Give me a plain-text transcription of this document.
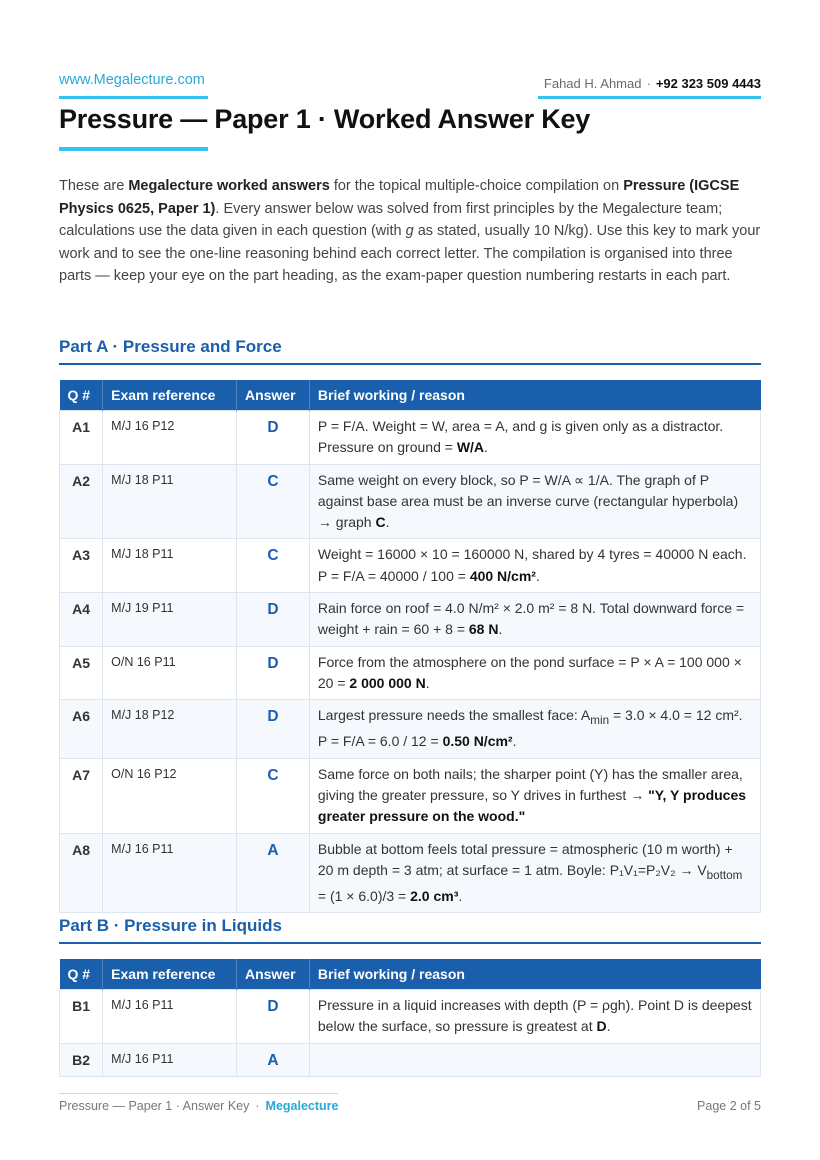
www.Megalecture.com	Fahad H. Ahmad · +92 323 509 4443
Pressure — Paper 1 · Worked Answer Key

These are Megalecture worked answers for the topical multiple-choice compilation on Pressure (IGCSE Physics 0625, Paper 1). Every answer below was solved from first principles by the Megalecture team; calculations use the data given in each question (with g as stated, usually 10 N/kg). Use this key to mark your work and to see the one-line reasoning behind each correct letter. The compilation is organised into three parts — keep your eye on the part heading, as the exam-paper question numbering restarts in each part.

Part A · Pressure and Force
Q #	Exam reference	Answer	Brief working / reason
A1	M/J 16 P12	D	P = F/A. Weight = W, area = A, and g is given only as a distractor. Pressure on ground = W/A.
A2	M/J 18 P11	C	Same weight on every block, so P = W/A ∝ 1/A. The graph of P against base area must be an inverse curve (rectangular hyperbola) → graph C.
A3	M/J 18 P11	C	Weight = 16000 × 10 = 160000 N, shared by 4 tyres = 40000 N each. P = F/A = 40000 / 100 = 400 N/cm².
A4	M/J 19 P11	D	Rain force on roof = 4.0 N/m² × 2.0 m² = 8 N. Total downward force = weight + rain = 60 + 8 = 68 N.
A5	O/N 16 P11	D	Force from the atmosphere on the pond surface = P × A = 100 000 × 20 = 2 000 000 N.
A6	M/J 18 P12	D	Largest pressure needs the smallest face: $A_{min} = 3.0 \times 4.0 = 12$ cm². P = F/A = 6.0 / 12 = 0.50 N/cm².
A7	O/N 16 P12	C	Same force on both nails; the sharper point (Y) has the smaller area, giving the greater pressure, so Y drives in furthest → "Y, Y produces greater pressure on the wood."
A8	M/J 16 P11	A	Bubble at bottom feels total pressure = atmospheric (10 m worth) + 20 m depth = 3 atm; at surface = 1 atm. Boyle: $P_1V_1=P_2V_2 \to V_{bottom} = (1 \times 6.0)/3 = 2.0$ cm³.
Part B · Pressure in Liquids
Q #	Exam reference	Answer	Brief working / reason
B1	M/J 16 P11	D	Pressure in a liquid increases with depth (P = ρgh). Point D is deepest below the surface, so pressure is greatest at D.
B2	M/J 16 P11	A	
Pressure — Paper 1 · Answer Key · Megalecture	Page 2 of 5
